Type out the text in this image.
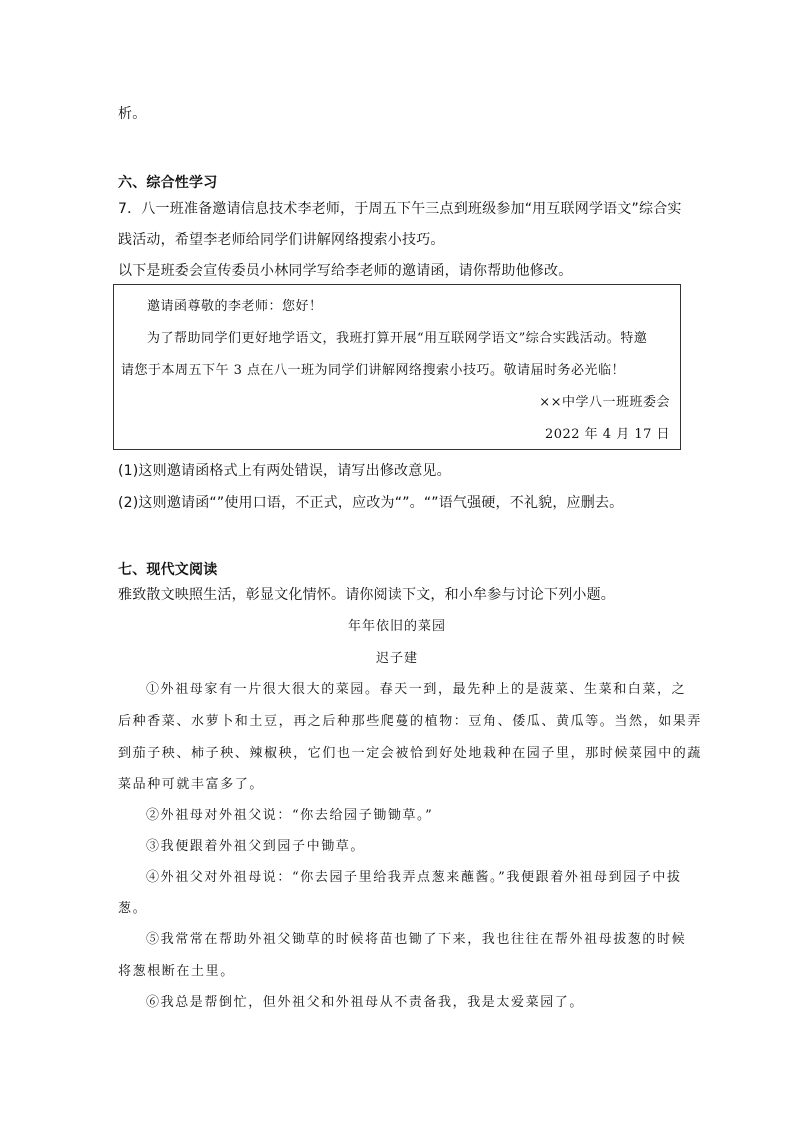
析。
六、综合性学习
7．八一班准备邀请信息技术李老师，于周五下午三点到班级参加“用互联网学语文”综合实
践活动，希望李老师给同学们讲解网络搜索小技巧。
以下是班委会宣传委员小林同学写给李老师的邀请函，请你帮助他修改。
邀请函尊敬的李老师：您好！
为了帮助同学们更好地学语文，我班打算开展“用互联网学语文”综合实践活动。特邀
请您于本周五下午 3 点在八一班为同学们讲解网络搜索小技巧。敬请届时务必光临！
××中学八一班班委会
2022 年 4 月 17 日
(1)这则邀请函格式上有两处错误，请写出修改意见。
(2)这则邀请函“”使用口语，不正式，应改为“”。“”语气强硬，不礼貌，应删去。
七、现代文阅读
雅致散文映照生活，彰显文化情怀。请你阅读下文，和小牟参与讨论下列小题。
年年依旧的菜园
迟子建
①外祖母家有一片很大很大的菜园。春天一到，最先种上的是菠菜、生菜和白菜，之
后种香菜、水萝卜和土豆，再之后种那些爬蔓的植物：豆角、倭瓜、黄瓜等。当然，如果弄
到茄子秧、柿子秧、辣椒秧，它们也一定会被恰到好处地栽种在园子里，那时候菜园中的蔬
菜品种可就丰富多了。
②外祖母对外祖父说：“你去给园子锄锄草。”
③我便跟着外祖父到园子中锄草。
④外祖父对外祖母说：“你去园子里给我弄点葱来蘸酱。”我便跟着外祖母到园子中拔
葱。
⑤我常常在帮助外祖父锄草的时候将苗也锄了下来，我也往往在帮外祖母拔葱的时候
将葱根断在土里。
⑥我总是帮倒忙，但外祖父和外祖母从不责备我，我是太爱菜园了。
